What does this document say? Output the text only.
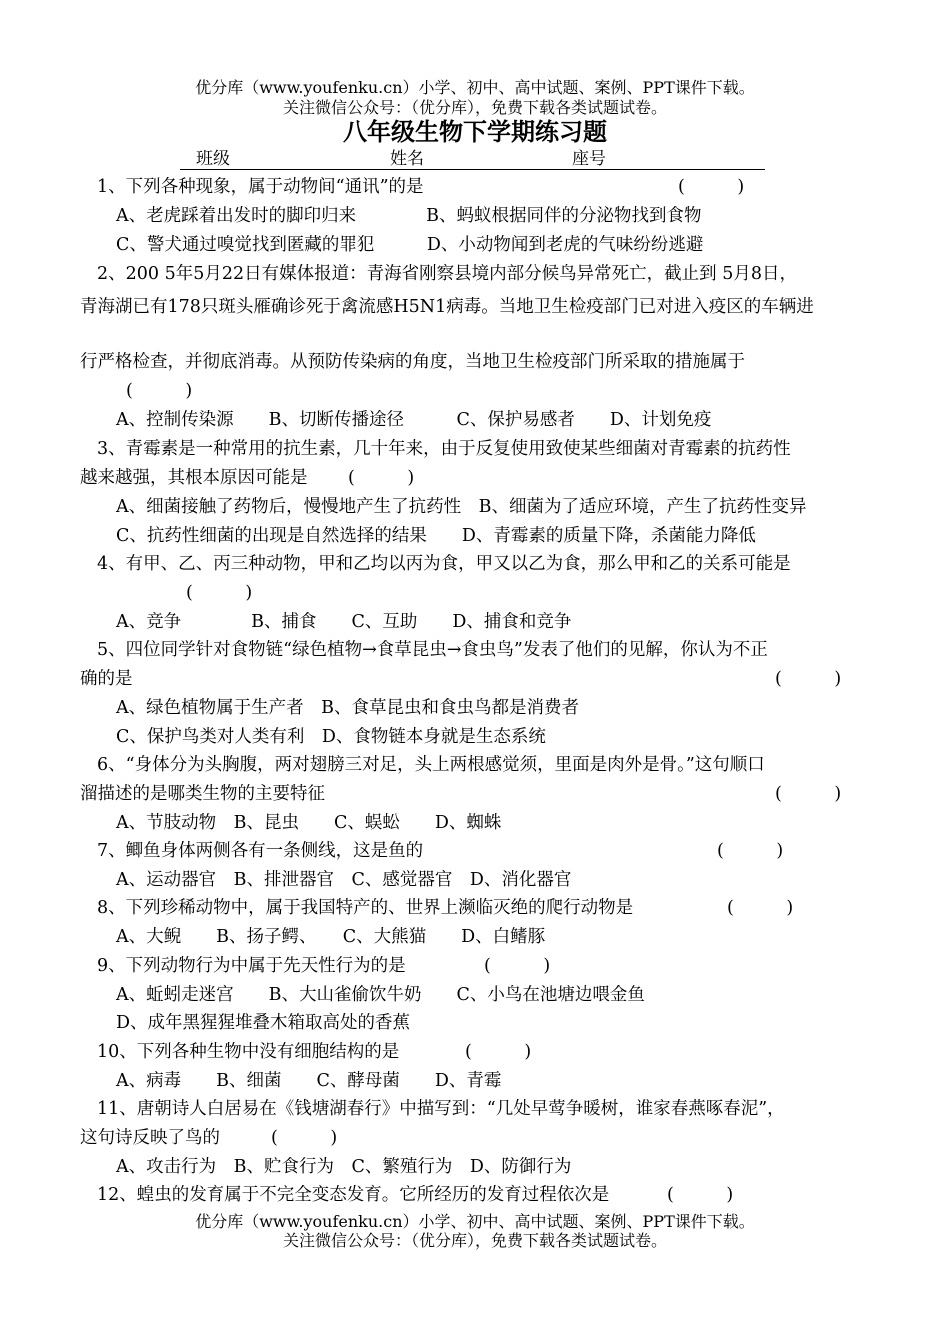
优分库（www.youfenku.cn）小学、初中、高中试题、案例、PPT课件下载。
关注微信公众号：（优分库），免费下载各类试题试卷。
八年级生物下学期练习题
班级	姓名	座号
1、下列各种现象，属于动物间“通讯”的是	(　　　)
A、老虎踩着出发时的脚印归来　　　　B、蚂蚁根据同伴的分泌物找到食物
C、警犬通过嗅觉找到匿藏的罪犯　　　D、小动物闻到老虎的气味纷纷逃避
2、200 5年5月22日有媒体报道：青海省刚察县境内部分候鸟异常死亡，截止到 5月8日，
青海湖已有178只斑头雁确诊死于禽流感H5N1病毒。当地卫生检疫部门已对进入疫区的车辆进
行严格检查，并彻底消毒。从预防传染病的角度，当地卫生检疫部门所采取的措施属于
(　　　)
A、控制传染源　　B、切断传播途径　　　C、保护易感者　　D、计划免疫
3、青霉素是一种常用的抗生素，几十年来，由于反复使用致使某些细菌对青霉素的抗药性
越来越强，其根本原因可能是 (　　　)
A、细菌接触了药物后，慢慢地产生了抗药性　B、细菌为了适应环境，产生了抗药性变异
C、抗药性细菌的出现是自然选择的结果　　D、青霉素的质量下降，杀菌能力降低
4、有甲、乙、丙三种动物，甲和乙均以丙为食，甲又以乙为食，那么甲和乙的关系可能是
(　　　)
A、竞争　　　　B、捕食　　C、互助　　D、捕食和竞争
5、四位同学针对食物链“绿色植物→食草昆虫→食虫鸟”发表了他们的见解，你认为不正
确的是	(　　　)
A、绿色植物属于生产者　B、食草昆虫和食虫鸟都是消费者
C、保护鸟类对人类有利　D、食物链本身就是生态系统
6、“身体分为头胸腹，两对翅膀三对足，头上两根感觉须，里面是肉外是骨。”这句顺口
溜描述的是哪类生物的主要特征	(　　　)
A、节肢动物　B、昆虫　　C、蜈蚣　　D、蜘蛛
7、鲫鱼身体两侧各有一条侧线，这是鱼的	(　　　)
A、运动器官　B、排泄器官　C、感觉器官　D、消化器官
8、下列珍稀动物中，属于我国特产的、世界上濒临灭绝的爬行动物是	(　　　)
A、大鲵　　B、扬子鳄、　　C、大熊猫　　D、白鳍豚
9、下列动物行为中属于先天性行为的是	(　　　)
A、蚯蚓走迷宫　　B、大山雀偷饮牛奶　　C、小鸟在池塘边喂金鱼
D、成年黑猩猩堆叠木箱取高处的香蕉
10、下列各种生物中没有细胞结构的是	(　　　)
A、病毒　　B、细菌　　C、酵母菌　　D、青霉
11、唐朝诗人白居易在《钱塘湖春行》中描写到：“几处早莺争暖树，谁家春燕啄春泥”，
这句诗反映了鸟的	(　　　)
A、攻击行为　B、贮食行为　C、繁殖行为　D、防御行为
12、蝗虫的发育属于不完全变态发育。它所经历的发育过程依次是	(　　　)
优分库（www.youfenku.cn）小学、初中、高中试题、案例、PPT课件下载。
关注微信公众号：（优分库），免费下载各类试题试卷。
